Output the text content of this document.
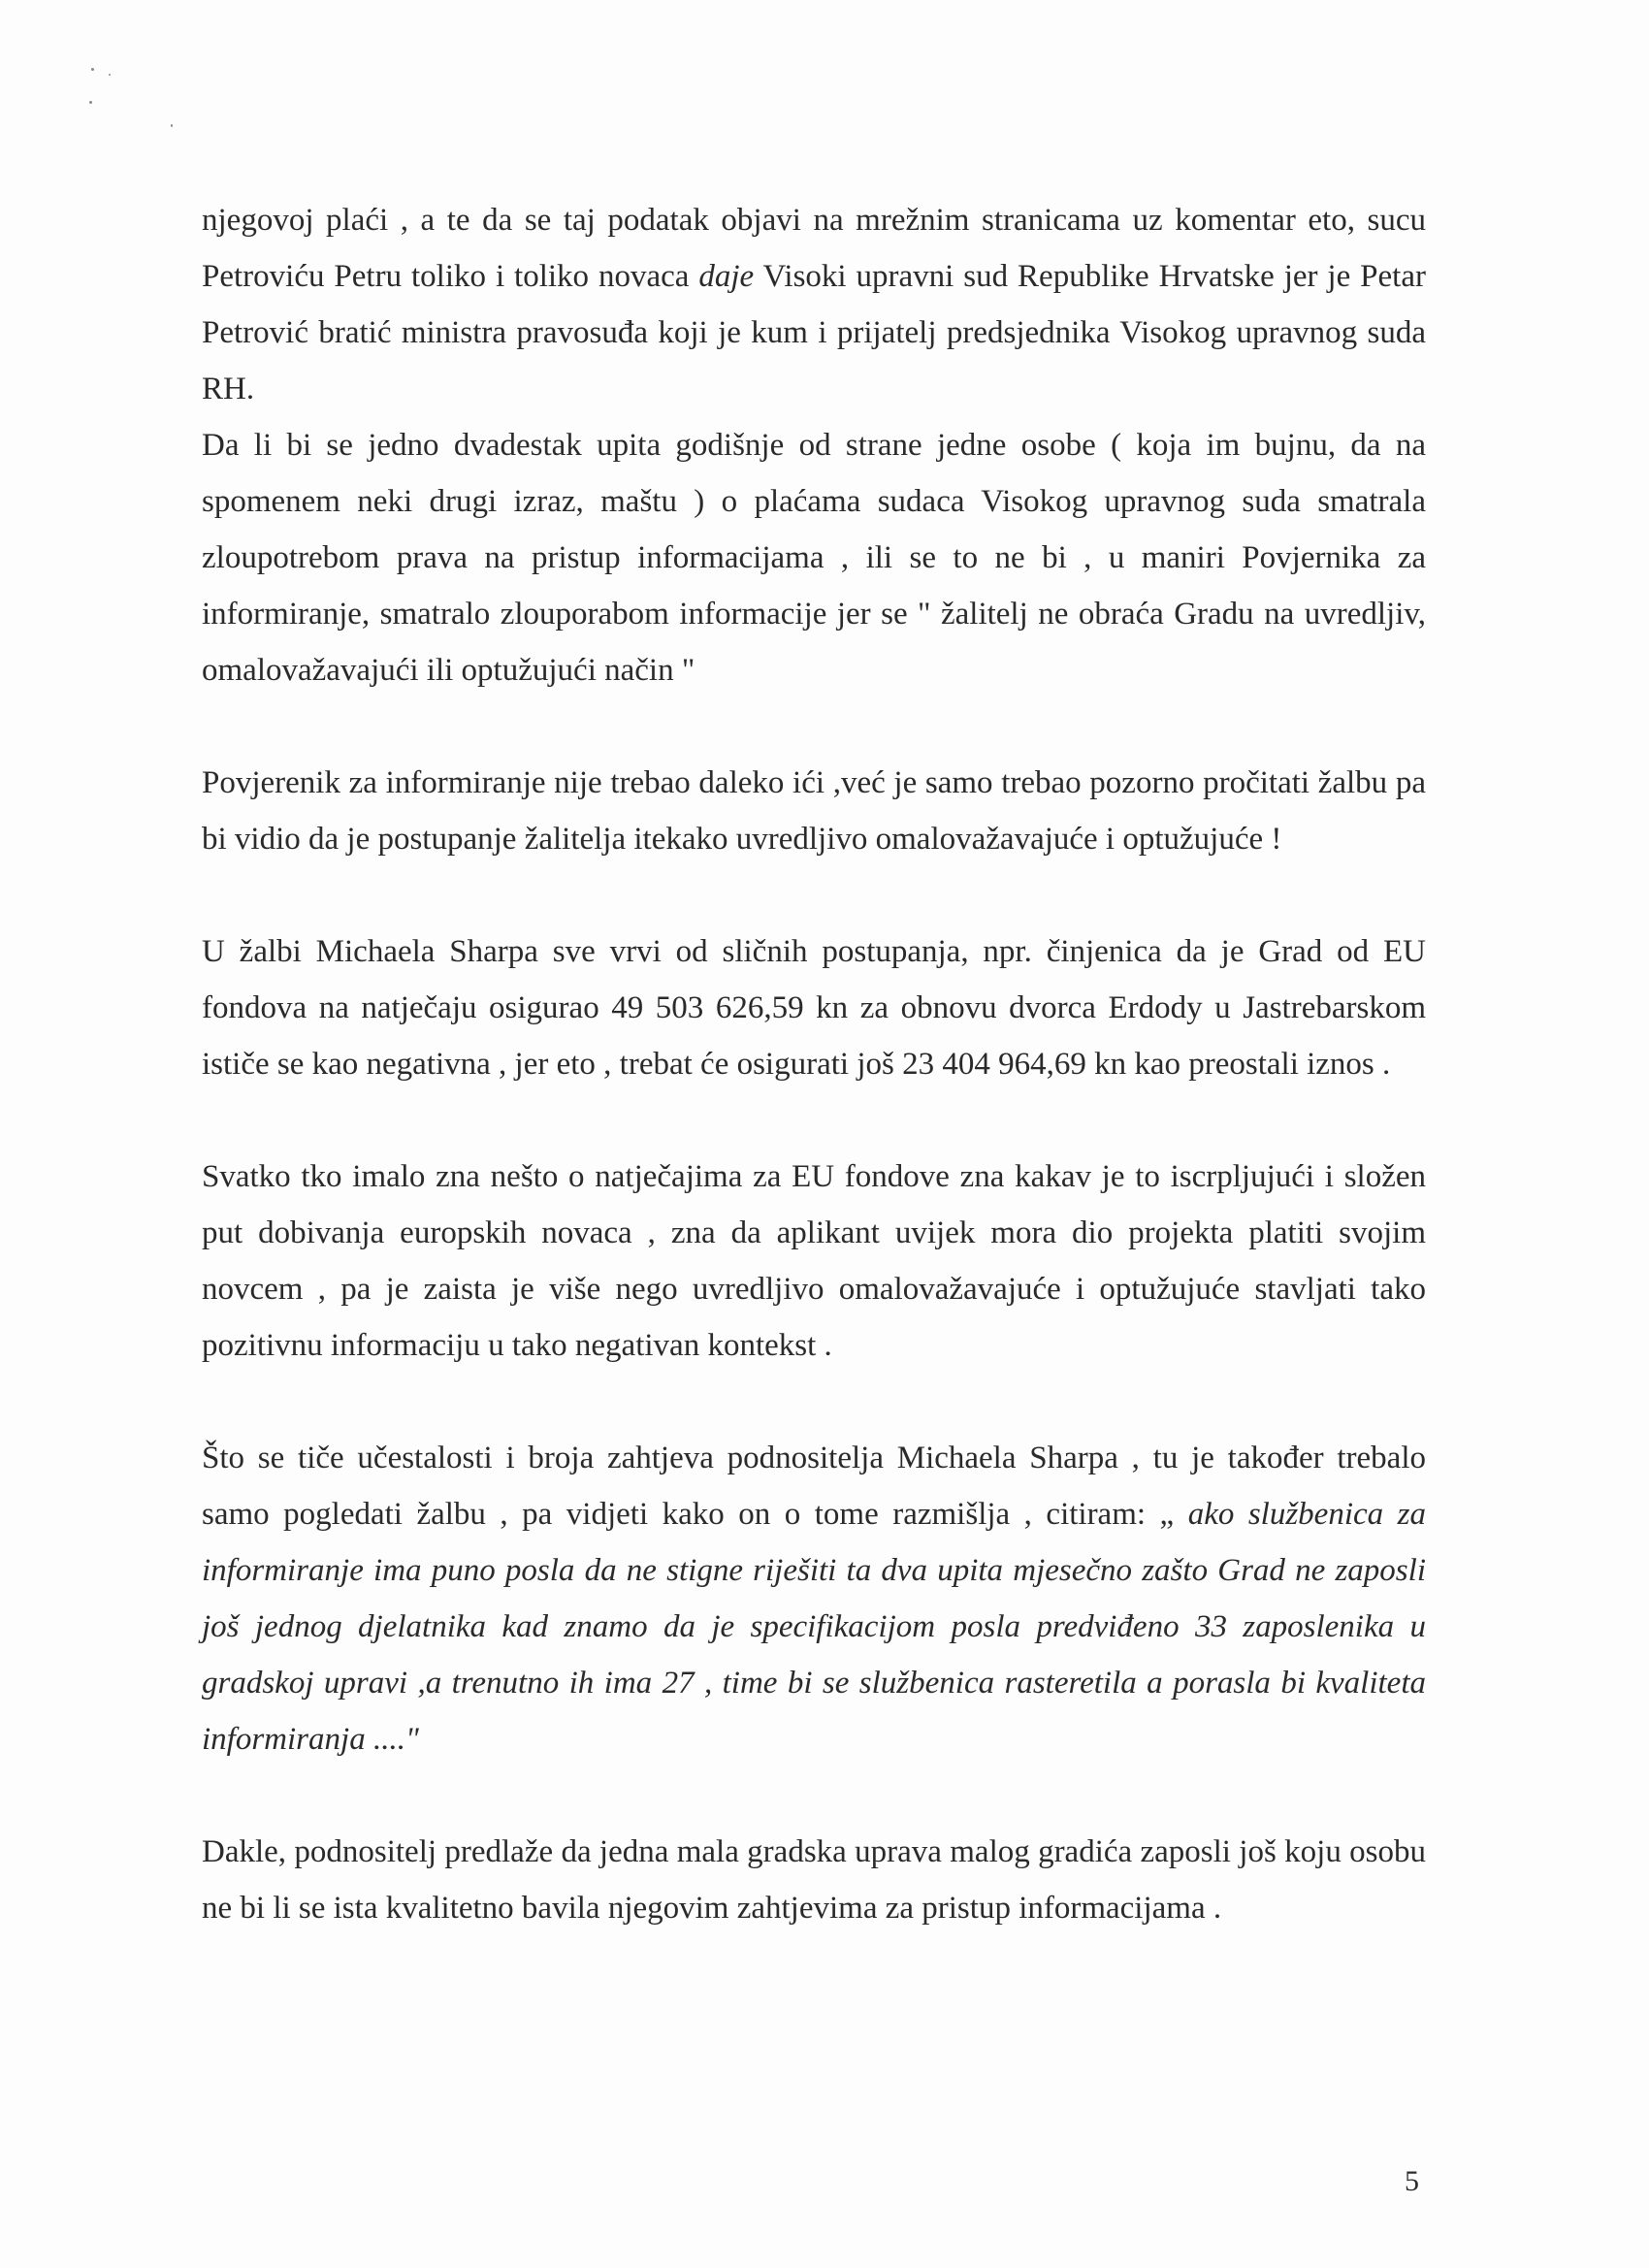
njegovoj plaći , a te da se taj podatak objavi na mrežnim stranicama uz komentar eto, sucu Petroviću Petru toliko i toliko novaca daje Visoki upravni sud Republike Hrvatske jer je Petar Petrović bratić ministra pravosuđa koji je kum i prijatelj predsjednika Visokog upravnog suda RH.

Da li bi se jedno dvadestak upita godišnje od strane jedne osobe ( koja im bujnu, da na spomenem neki drugi izraz, maštu ) o plaćama sudaca Visokog upravnog suda smatrala zloupotrebom prava na pristup informacijama , ili se to ne bi , u maniri Povjernika za informiranje, smatralo zlouporabom informacije jer se " žalitelj ne obraća Gradu na uvredljiv, omalovažavajući ili optužujući način "

Povjerenik za informiranje nije trebao daleko ići ,već je samo trebao pozorno pročitati žalbu pa bi vidio da je postupanje žalitelja itekako uvredljivo omalovažavajuće i optužujuće !

U žalbi Michaela Sharpa sve vrvi od sličnih postupanja, npr. činjenica da je Grad od EU fondova na natječaju osigurao 49 503 626,59 kn za obnovu dvorca Erdody u Jastrebarskom ističe se kao negativna , jer eto , trebat će osigurati još 23 404 964,69 kn kao preostali iznos .

Svatko tko imalo zna nešto o natječajima za EU fondove zna kakav je to iscrpljujući i složen put dobivanja europskih novaca , zna da aplikant uvijek mora dio projekta platiti svojim novcem , pa je zaista je više nego uvredljivo omalovažavajuće i optužujuće stavljati tako pozitivnu informaciju u tako negativan kontekst .

Što se tiče učestalosti i broja zahtjeva podnositelja Michaela Sharpa , tu je također trebalo samo pogledati žalbu , pa vidjeti kako on o tome razmišlja , citiram: „ ako službenica za informiranje ima puno posla da ne stigne riješiti ta dva upita mjesečno zašto Grad ne zaposli još jednog djelatnika kad znamo da je specifikacijom posla predviđeno 33 zaposlenika u gradskoj upravi ,a trenutno ih ima 27 , time bi se službenica rasteretila a porasla bi kvaliteta informiranja ...."

Dakle, podnositelj predlaže da jedna mala gradska uprava malog gradića zaposli još koju osobu ne bi li se ista kvalitetno bavila njegovim zahtjevima za pristup informacijama .

5
